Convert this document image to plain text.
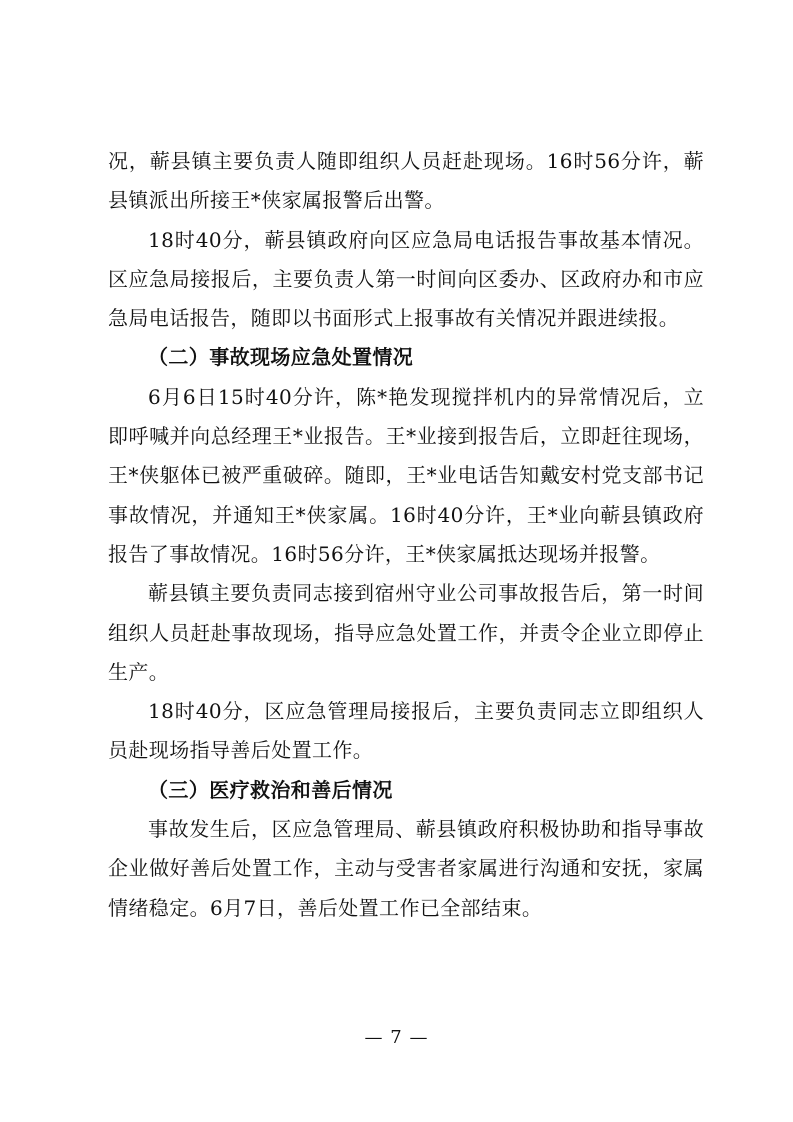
况，蕲县镇主要负责人随即组织人员赶赴现场。16时56分许，蕲县镇派出所接王*侠家属报警后出警。

18时40分，蕲县镇政府向区应急局电话报告事故基本情况。区应急局接报后，主要负责人第一时间向区委办、区政府办和市应急局电话报告，随即以书面形式上报事故有关情况并跟进续报。

（二）事故现场应急处置情况

6月6日15时40分许，陈*艳发现搅拌机内的异常情况后，立即呼喊并向总经理王*业报告。王*业接到报告后，立即赶往现场，王*侠躯体已被严重破碎。随即，王*业电话告知戴安村党支部书记事故情况，并通知王*侠家属。16时40分许，王*业向蕲县镇政府报告了事故情况。16时56分许，王*侠家属抵达现场并报警。

蕲县镇主要负责同志接到宿州守业公司事故报告后，第一时间组织人员赶赴事故现场，指导应急处置工作，并责令企业立即停止生产。

18时40分，区应急管理局接报后，主要负责同志立即组织人员赴现场指导善后处置工作。

（三）医疗救治和善后情况

事故发生后，区应急管理局、蕲县镇政府积极协助和指导事故企业做好善后处置工作，主动与受害者家属进行沟通和安抚，家属情绪稳定。6月7日，善后处置工作已全部结束。

— 7 —
